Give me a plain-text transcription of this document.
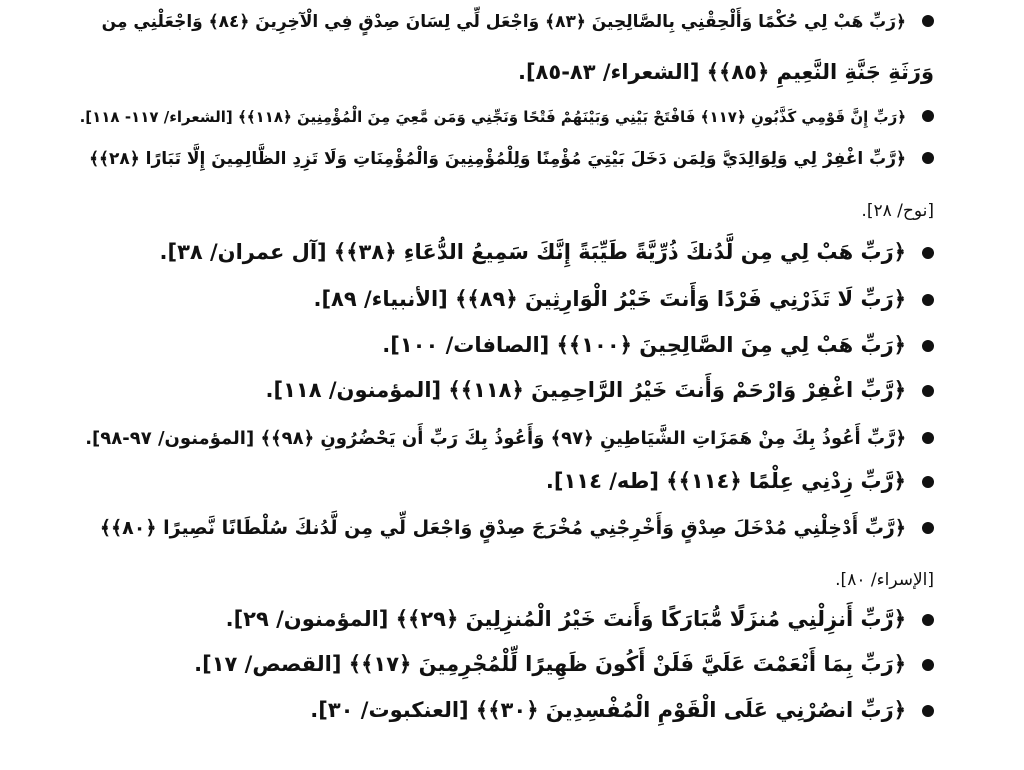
﴿رَبِّ هَبْ لِي حُكْمًا وَأَلْحِقْنِي بِالصَّالِحِينَ ﴿٨٣﴾ وَاجْعَل لِّي لِسَانَ صِدْقٍ فِي الْآخِرِينَ ﴿٨٤﴾ وَاجْعَلْنِي مِن
وَرَثَةِ جَنَّةِ النَّعِيمِ ﴿٨٥﴾﴾ [الشعراء/ ٨٣-٨٥].
﴿رَبِّ إِنَّ قَوْمِي كَذَّبُونِ ﴿١١٧﴾ فَافْتَحْ بَيْنِي وَبَيْنَهُمْ فَتْحًا وَنَجِّنِي وَمَن مَّعِيَ مِنَ الْمُؤْمِنِينَ ﴿١١٨﴾﴾ [الشعراء/ ١١٧- ١١٨].
﴿رَّبِّ اغْفِرْ لِي وَلِوَالِدَيَّ وَلِمَن دَخَلَ بَيْتِيَ مُؤْمِنًا وَلِلْمُؤْمِنِينَ وَالْمُؤْمِنَاتِ وَلَا تَزِدِ الظَّالِمِينَ إِلَّا تَبَارًا ﴿٢٨﴾﴾
[نوح/ ٢٨].
﴿رَبِّ هَبْ لِي مِن لَّدُنكَ ذُرِّيَّةً طَيِّبَةً إِنَّكَ سَمِيعُ الدُّعَاءِ ﴿٣٨﴾﴾ [آل عمران/ ٣٨].
﴿رَبِّ لَا تَذَرْنِي فَرْدًا وَأَنتَ خَيْرُ الْوَارِثِينَ ﴿٨٩﴾﴾ [الأنبياء/ ٨٩].
﴿رَبِّ هَبْ لِي مِنَ الصَّالِحِينَ ﴿١٠٠﴾﴾ [الصافات/ ١٠٠].
﴿رَّبِّ اغْفِرْ وَارْحَمْ وَأَنتَ خَيْرُ الرَّاحِمِينَ ﴿١١٨﴾﴾ [المؤمنون/ ١١٨].
﴿رَّبِّ أَعُوذُ بِكَ مِنْ هَمَزَاتِ الشَّيَاطِينِ ﴿٩٧﴾ وَأَعُوذُ بِكَ رَبِّ أَن يَحْضُرُونِ ﴿٩٨﴾﴾ [المؤمنون/ ٩٧-٩٨].
﴿رَّبِّ زِدْنِي عِلْمًا ﴿١١٤﴾﴾ [طه/ ١١٤].
﴿رَّبِّ أَدْخِلْنِي مُدْخَلَ صِدْقٍ وَأَخْرِجْنِي مُخْرَجَ صِدْقٍ وَاجْعَل لِّي مِن لَّدُنكَ سُلْطَانًا نَّصِيرًا ﴿٨٠﴾﴾
[الإسراء/ ٨٠].
﴿رَّبِّ أَنزِلْنِي مُنزَلًا مُّبَارَكًا وَأَنتَ خَيْرُ الْمُنزِلِينَ ﴿٢٩﴾﴾ [المؤمنون/ ٢٩].
﴿رَبِّ بِمَا أَنْعَمْتَ عَلَيَّ فَلَنْ أَكُونَ ظَهِيرًا لِّلْمُجْرِمِينَ ﴿١٧﴾﴾ [القصص/ ١٧].
﴿رَبِّ انصُرْنِي عَلَى الْقَوْمِ الْمُفْسِدِينَ ﴿٣٠﴾﴾ [العنكبوت/ ٣٠].
